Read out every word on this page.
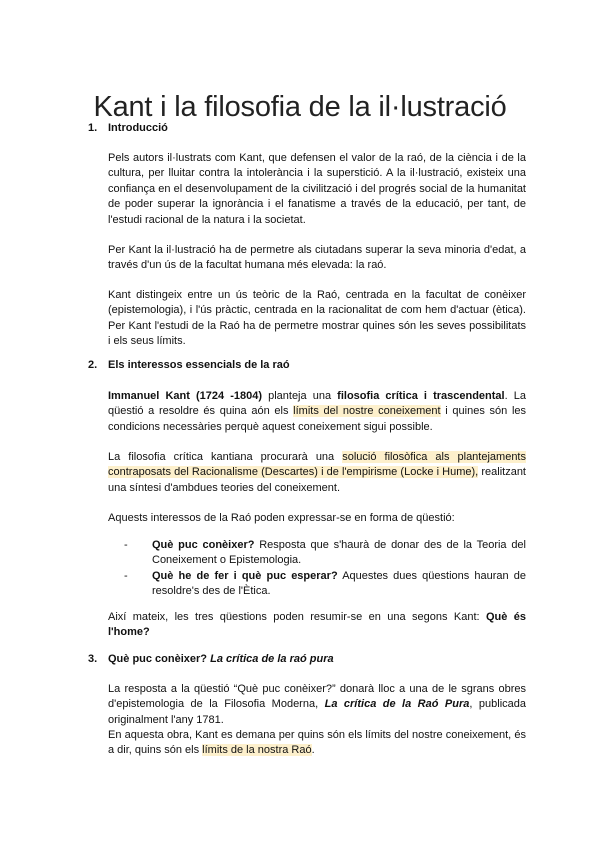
Kant i la filosofia de la il·lustració
1. Introducció

Pels autors il·lustrats com Kant, que defensen el valor de la raó, de la ciència i de la cultura, per lluitar contra la intolerància i la superstició. A la il·lustració, existeix una confiança en el desenvolupament de la civilització i del progrés social de la humanitat de poder superar la ignorància i el fanatisme a través de la educació, per tant, de l'estudi racional de la natura i la societat.

Per Kant la il·lustració ha de permetre als ciutadans superar la seva minoria d'edat, a través d'un ús de la facultat humana més elevada: la raó.

Kant distingeix entre un ús teòric de la Raó, centrada en la facultat de conèixer (epistemologia), i l'ús pràctic, centrada en la racionalitat de com hem d'actuar (ètica). Per Kant l'estudi de la Raó ha de permetre mostrar quines són les seves possibilitats i els seus límits.

2. Els interessos essencials de la raó

Immanuel Kant (1724 -1804) planteja una filosofia crítica i trascendental. La qüestió a resoldre és quina aón els límits del nostre coneixement i quines són les condicions necessàries perquè aquest coneixement sigui possible.

La filosofia crítica kantiana procurarà una solució filosòfica als plantejaments contraposats del Racionalisme (Descartes) i de l'empirisme (Locke i Hume), realitzant una síntesi d'ambdues teories del coneixement.

Aquests interessos de la Raó poden expressar-se en forma de qüestió:

- Què puc conèixer? Resposta que s'haurà de donar des de la Teoria del Coneixement o Epistemologia.
- Què he de fer i què puc esperar? Aquestes dues qüestions hauran de resoldre's des de l'Ètica.

Així mateix, les tres qüestions poden resumir-se en una segons Kant: Què és l'home?

3. Què puc conèixer? La crítica de la raó pura

La resposta a la qüestió “Què puc conèixer?” donarà lloc a una de le sgrans obres d'epistemologia de la Filosofia Moderna, La crítica de la Raó Pura, publicada originalment l'any 1781.

En aquesta obra, Kant es demana per quins són els límits del nostre coneixement, és a dir, quins són els límits de la nostra Raó.
